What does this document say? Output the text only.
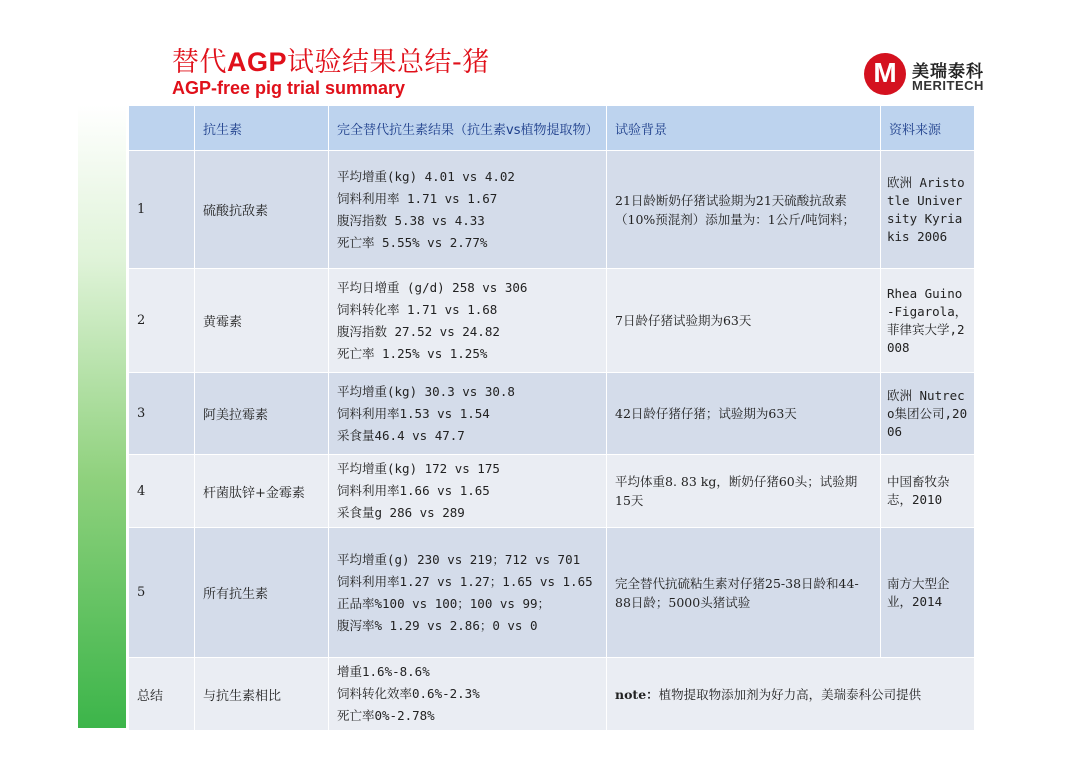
替代AGP试验结果总结-猪
AGP-free pig trial summary	M 美瑞泰科
MERITECH
	抗生素	完全替代抗生素结果（抗生素vs植物提取物）	试验背景	资料来源
1	硫酸抗敌素	平均增重(kg) 4.01 vs 4.02
饲料利用率 1.71 vs 1.67
腹泻指数 5.38 vs 4.33
死亡率 5.55% vs 2.77%	21日龄断奶仔猪试验期为21天硫酸抗敌素（10%预混剂）添加量为：1公斤/吨饲料；	欧洲 Aristotle University Kyriakis 2006
2	黄霉素	平均日增重 (g/d) 258 vs 306
饲料转化率 1.71 vs 1.68
腹泻指数 27.52 vs 24.82
死亡率 1.25% vs 1.25%	7日龄仔猪试验期为63天	Rhea Guino-Figarola，菲律宾大学,2008
3	阿美拉霉素	平均增重(kg) 30.3 vs 30.8
饲料利用率1.53 vs 1.54
采食量46.4 vs 47.7	42日龄仔猪仔猪；试验期为63天	欧洲 Nutreco集团公司,2006
4	杆菌肽锌+金霉素	平均增重(kg) 172 vs 175
饲料利用率1.66 vs 1.65
采食量g 286 vs 289	平均体重8. 83 kg，断奶仔猪60头；试验期15天	中国畜牧杂志，2010
5	所有抗生素	平均增重(g) 230 vs 219；712 vs 701
饲料利用率1.27 vs 1.27；1.65 vs 1.65
正品率%100 vs 100；100 vs 99；
腹泻率% 1.29 vs 2.86；0 vs 0	完全替代抗硫粘生素对仔猪25-38日龄和44-88日龄；5000头猪试验	南方大型企业，2014
总结	与抗生素相比	增重1.6%-8.6%
饲料转化效率0.6%-2.3%
死亡率0%-2.78%	note：植物提取物添加剂为好力高，美瑞泰科公司提供	
